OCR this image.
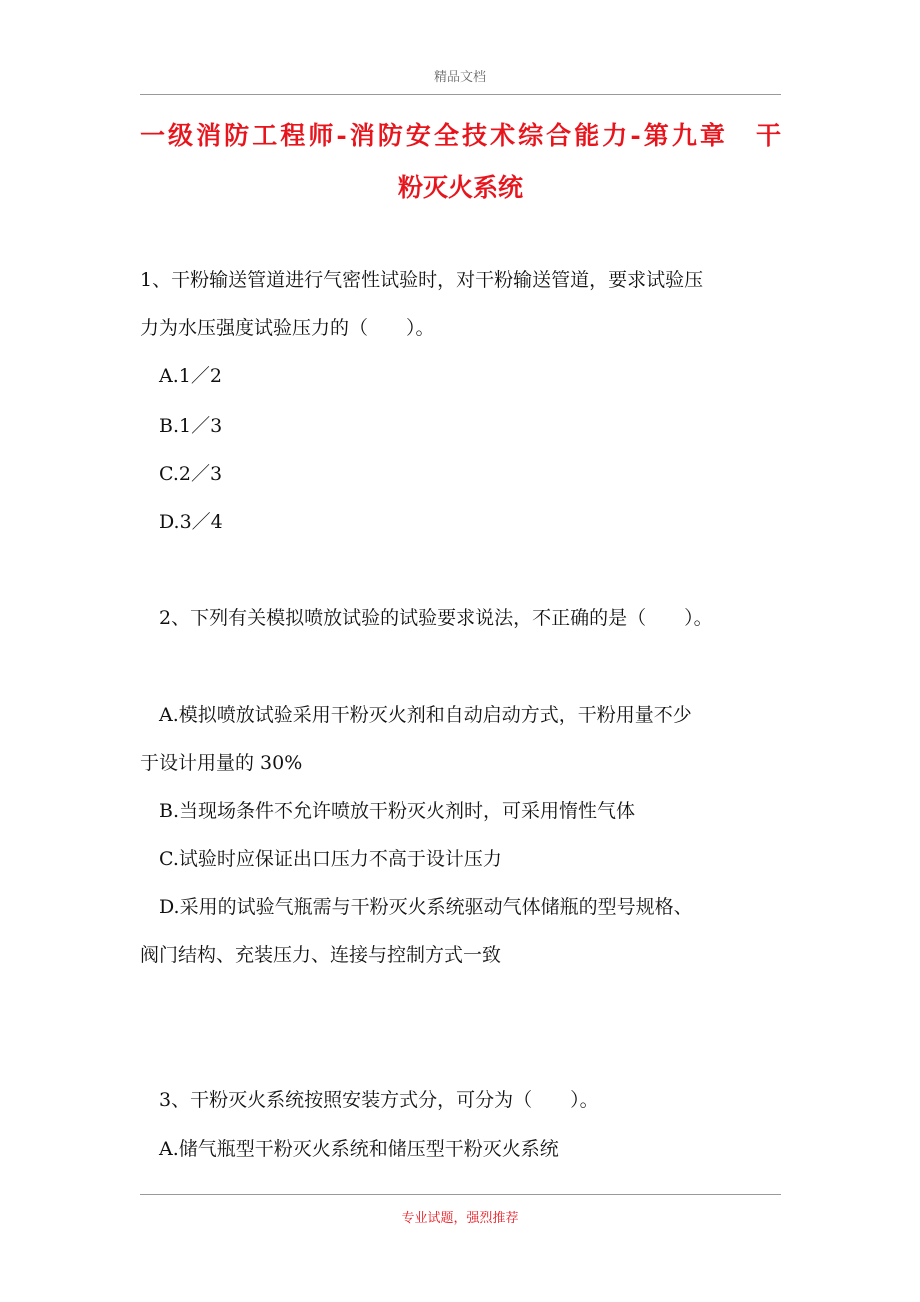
精品文档
一级消防工程师-消防安全技术综合能力-第九章　干
粉灭火系统
1、干粉输送管道进行气密性试验时，对干粉输送管道，要求试验压
力为水压强度试验压力的（　　）。
A.1／2
B.1／3
C.2／3
D.3／4
2、下列有关模拟喷放试验的试验要求说法，不正确的是（　　）。
A.模拟喷放试验采用干粉灭火剂和自动启动方式，干粉用量不少
于设计用量的 30%
B.当现场条件不允许喷放干粉灭火剂时，可采用惰性气体
C.试验时应保证出口压力不高于设计压力
D.采用的试验气瓶需与干粉灭火系统驱动气体储瓶的型号规格、
阀门结构、充装压力、连接与控制方式一致
3、干粉灭火系统按照安装方式分，可分为（　　）。
A.储气瓶型干粉灭火系统和储压型干粉灭火系统
专业试题，强烈推荐
